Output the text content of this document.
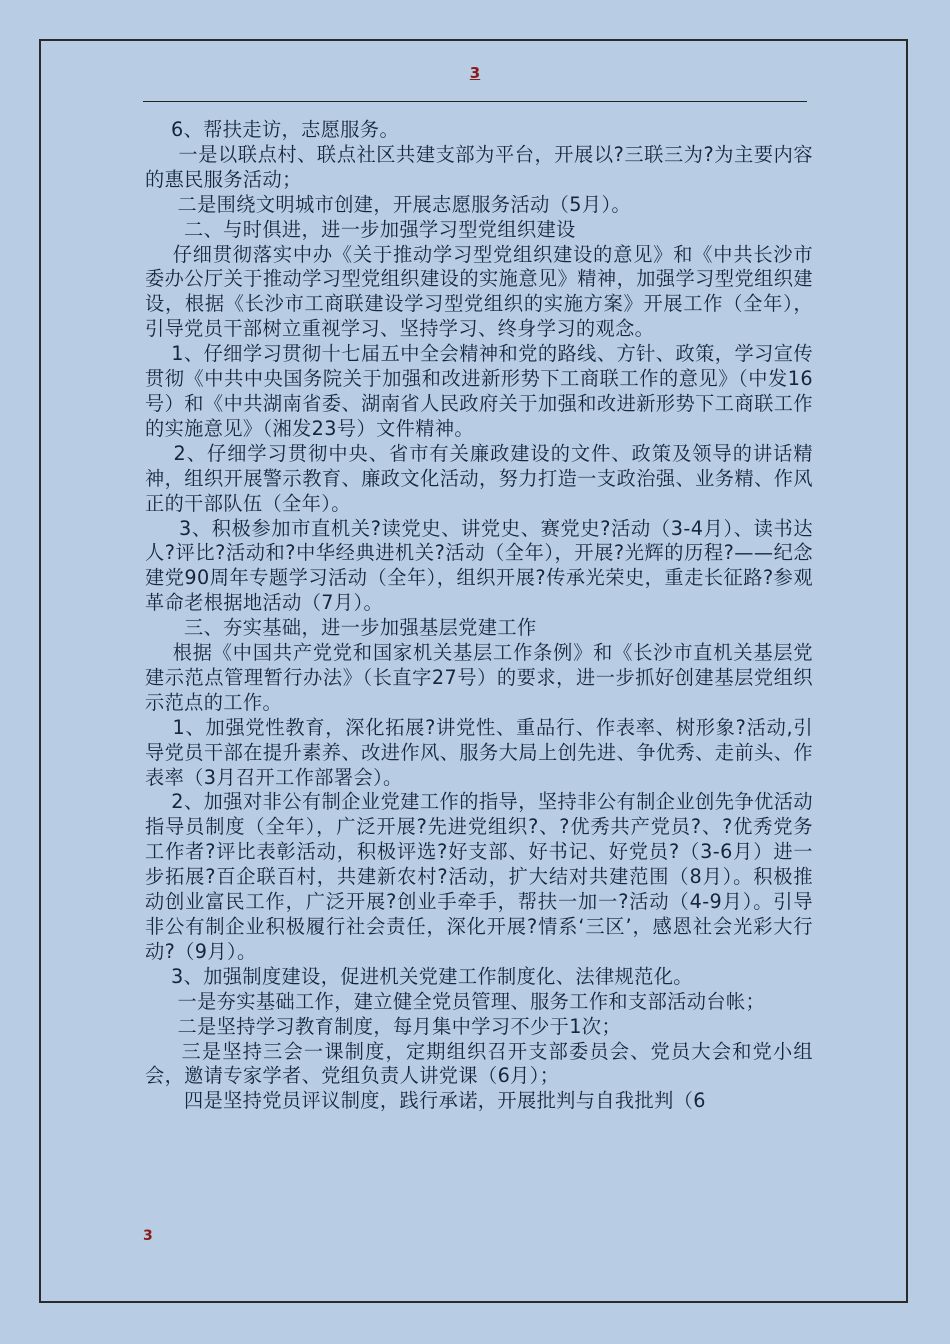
3

6、帮扶走访，志愿服务。

一是以联点村、联点社区共建支部为平台，开展以?三联三为?为主要内容的惠民服务活动；

二是围绕文明城市创建，开展志愿服务活动（5月）。

二、与时俱进，进一步加强学习型党组织建设

仔细贯彻落实中办《关于推动学习型党组织建设的意见》和《中共长沙市委办公厅关于推动学习型党组织建设的实施意见》精神，加强学习型党组织建设，根据《长沙市工商联建设学习型党组织的实施方案》开展工作（全年），引导党员干部树立重视学习、坚持学习、终身学习的观念。

1、仔细学习贯彻十七届五中全会精神和党的路线、方针、政策，学习宣传贯彻《中共中央国务院关于加强和改进新形势下工商联工作的意见》（中发16号）和《中共湖南省委、湖南省人民政府关于加强和改进新形势下工商联工作的实施意见》（湘发23号）文件精神。

2、仔细学习贯彻中央、省市有关廉政建设的文件、政策及领导的讲话精神，组织开展警示教育、廉政文化活动，努力打造一支政治强、业务精、作风正的干部队伍（全年）。

3、积极参加市直机关?读党史、讲党史、赛党史?活动（3-4月）、读书达人?评比?活动和?中华经典进机关?活动（全年），开展?光辉的历程?——纪念建党90周年专题学习活动（全年），组织开展?传承光荣史，重走长征路?参观革命老根据地活动（7月）。

三、夯实基础，进一步加强基层党建工作

根据《中国共产党党和国家机关基层工作条例》和《长沙市直机关基层党建示范点管理暂行办法》（长直字27号）的要求，进一步抓好创建基层党组织示范点的工作。

1、加强党性教育，深化拓展?讲党性、重品行、作表率、树形象?活动,引导党员干部在提升素养、改进作风、服务大局上创先进、争优秀、走前头、作表率（3月召开工作部署会）。

2、加强对非公有制企业党建工作的指导，坚持非公有制企业创先争优活动指导员制度（全年），广泛开展?先进党组织?、?优秀共产党员?、?优秀党务工作者?评比表彰活动，积极评选?好支部、好书记、好党员?（3-6月）进一步拓展?百企联百村，共建新农村?活动，扩大结对共建范围（8月）。积极推动创业富民工作，广泛开展?创业手牵手，帮扶一加一?活动（4-9月）。引导非公有制企业积极履行社会责任，深化开展?情系‘三区’，感恩社会光彩大行动?（9月）。

3、加强制度建设，促进机关党建工作制度化、法律规范化。

一是夯实基础工作，建立健全党员管理、服务工作和支部活动台帐；

二是坚持学习教育制度，每月集中学习不少于1次；

三是坚持三会一课制度，定期组织召开支部委员会、党员大会和党小组会，邀请专家学者、党组负责人讲党课（6月）；

四是坚持党员评议制度，践行承诺，开展批判与自我批判（6

3
